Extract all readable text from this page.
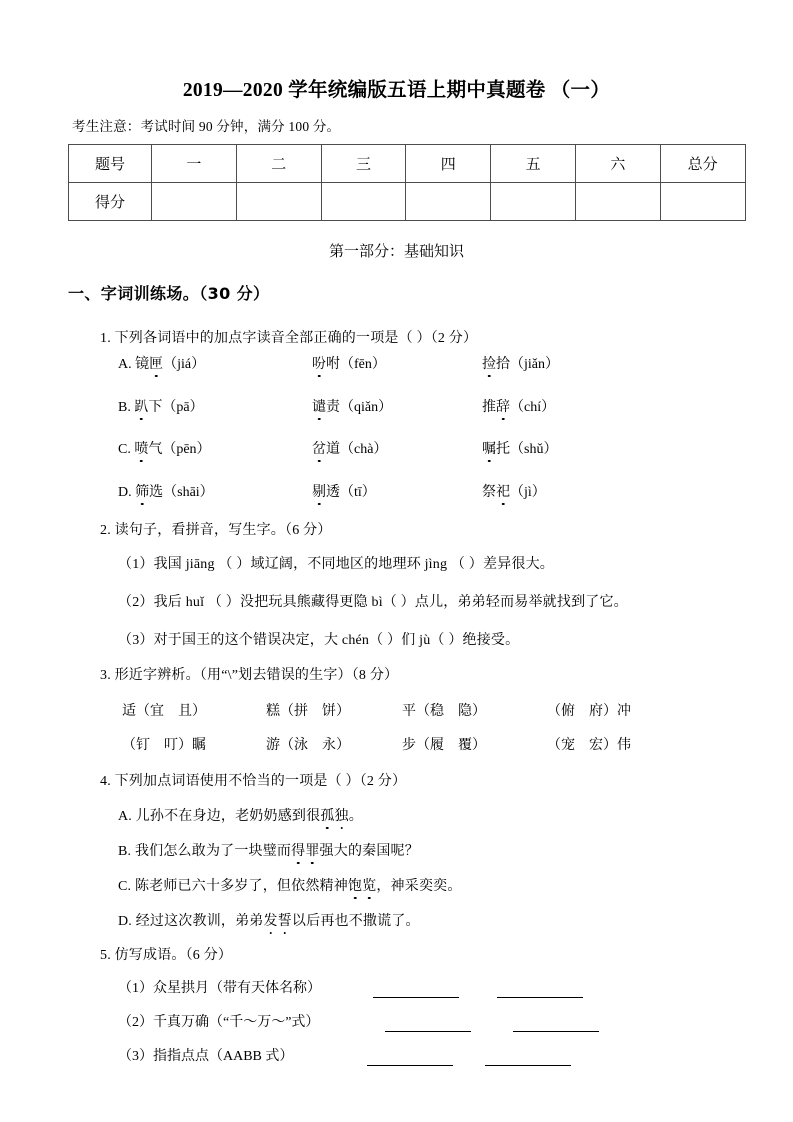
2019—2020 学年统编版五语上期中真题卷 （一）
考生注意：考试时间 90 分钟，满分 100 分。
题号	一	二	三	四	五	六	总分
得分							
第一部分：基础知识
一、字词训练场。（30 分）
1. 下列各词语中的加点字读音全部正确的一项是（ ）（2 分）
A. 镜匣（jiá）	吩咐（fēn）	捡拾（jiǎn）
B. 趴下（pā）	谴责（qiǎn）	推辞（chí）
C. 喷气（pēn）	岔道（chà）	嘱托（shǔ）
D. 筛选（shāi）	剔透（tī）	祭祀（jì）
2. 读句子，看拼音，写生字。（6 分）
（1）我国 jiāng （ ）域辽阔，不同地区的地理环 jìng （ ）差异很大。
（2）我后 huǐ （ ）没把玩具熊藏得更隐 bì（ ）点儿，弟弟轻而易举就找到了它。
（3）对于国王的这个错误决定，大 chén（ ）们 jù（ ）绝接受。
3. 形近字辨析。（用“\”划去错误的生字）（8 分）
适（宜　且）	糕（拼　饼）	平（稳　隐）	（俯　府）冲
（钉　叮）瞩	游（泳　永）	步（履　覆）	（宠　宏）伟
4. 下列加点词语使用不恰当的一项是（ ）（2 分）
A. 儿孙不在身边，老奶奶感到很孤独。
B. 我们怎么敢为了一块璧而得罪强大的秦国呢？
C. 陈老师已六十多岁了，但依然精神饱览，神采奕奕。
D. 经过这次教训，弟弟发誓以后再也不撒谎了。
5. 仿写成语。（6 分）
（1）众星拱月（带有天体名称）
（2）千真万确（“千～万～”式）
（3）指指点点（AABB 式）
